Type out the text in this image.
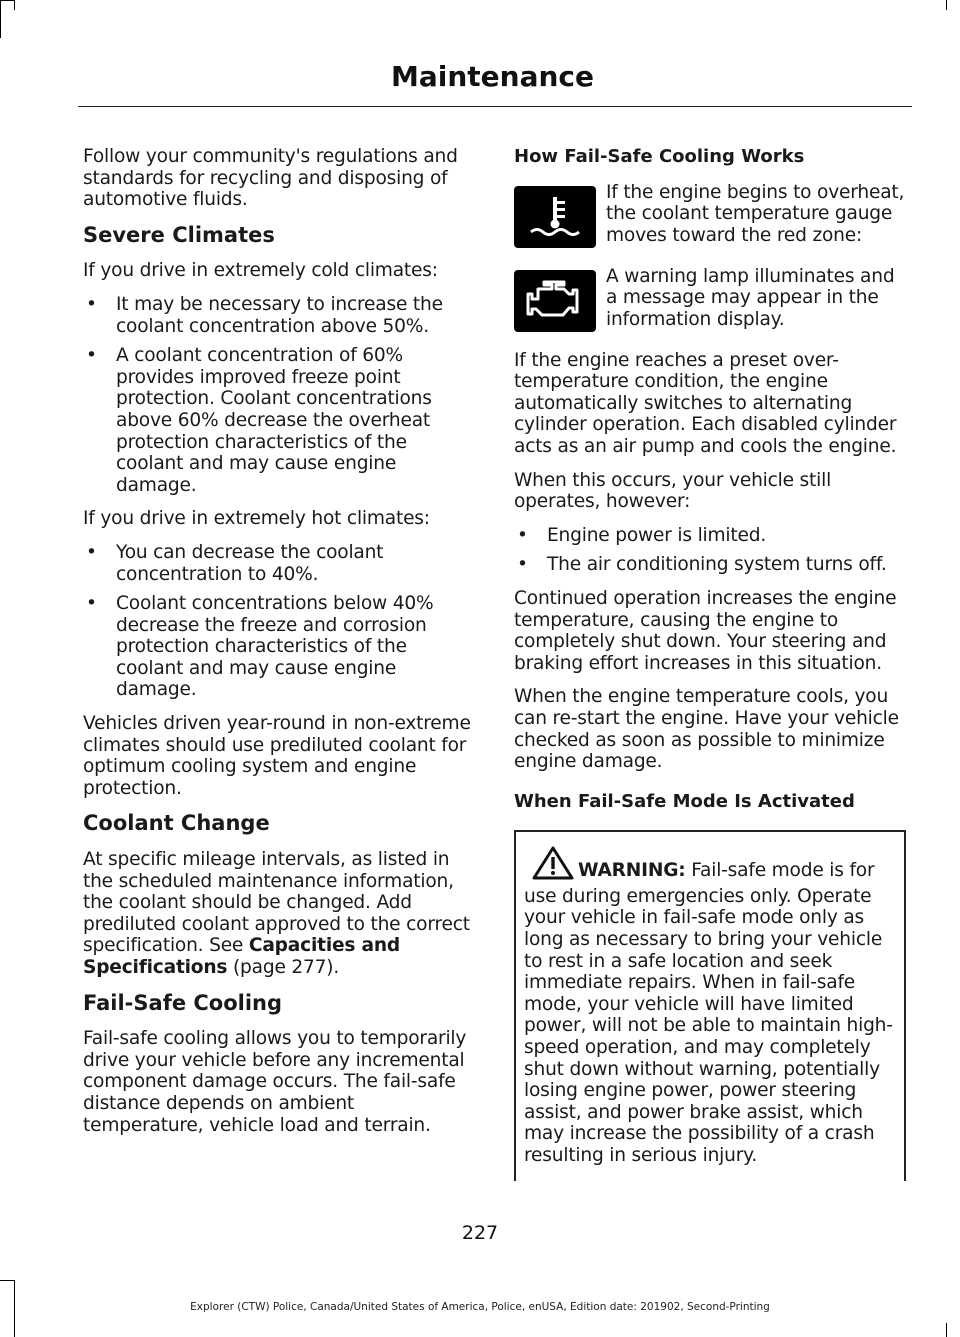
Maintenance

Follow your community's regulations and standards for recycling and disposing of automotive fluids.

Severe Climates

If you drive in extremely cold climates:

• It may be necessary to increase the coolant concentration above 50%.
• A coolant concentration of 60% provides improved freeze point protection. Coolant concentrations above 60% decrease the overheat protection characteristics of the coolant and may cause engine damage.

If you drive in extremely hot climates:

• You can decrease the coolant concentration to 40%.
• Coolant concentrations below 40% decrease the freeze and corrosion protection characteristics of the coolant and may cause engine damage.

Vehicles driven year-round in non-extreme climates should use prediluted coolant for optimum cooling system and engine protection.

Coolant Change

At specific mileage intervals, as listed in the scheduled maintenance information, the coolant should be changed. Add prediluted coolant approved to the correct specification. See Capacities and Specifications (page 277).

Fail-Safe Cooling

Fail-safe cooling allows you to temporarily drive your vehicle before any incremental component damage occurs. The fail-safe distance depends on ambient temperature, vehicle load and terrain.

How Fail-Safe Cooling Works
If the engine begins to overheat, the coolant temperature gauge moves toward the red zone:
A warning lamp illuminates and a message may appear in the information display.

If the engine reaches a preset over-temperature condition, the engine automatically switches to alternating cylinder operation. Each disabled cylinder acts as an air pump and cools the engine.

When this occurs, your vehicle still operates, however:

• Engine power is limited.
• The air conditioning system turns off.

Continued operation increases the engine temperature, causing the engine to completely shut down. Your steering and braking effort increases in this situation.

When the engine temperature cools, you can re-start the engine. Have your vehicle checked as soon as possible to minimize engine damage.

When Fail-Safe Mode Is Activated
WARNING: Fail-safe mode is for use during emergencies only. Operate your vehicle in fail-safe mode only as long as necessary to bring your vehicle to rest in a safe location and seek immediate repairs. When in fail-safe mode, your vehicle will have limited power, will not be able to maintain high-speed operation, and may completely shut down without warning, potentially losing engine power, power steering assist, and power brake assist, which may increase the possibility of a crash resulting in serious injury.
227
Explorer (CTW) Police, Canada/United States of America, Police, enUSA, Edition date: 201902, Second-Printing
